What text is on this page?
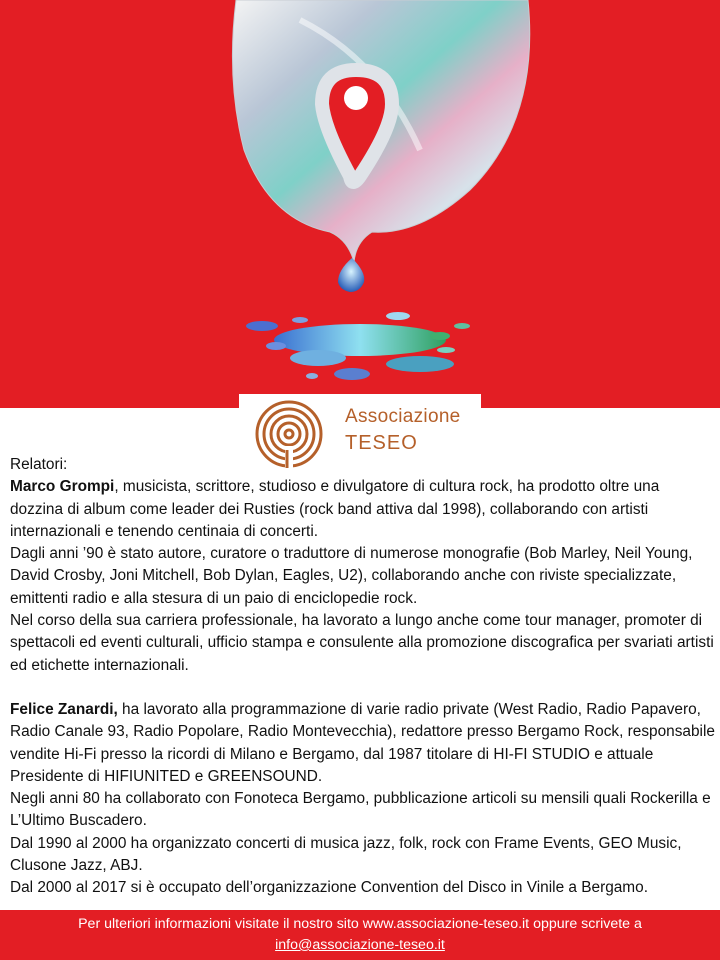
Associazione
TESEO

Relatori:

Marco Grompi, musicista, scrittore, studioso e divulgatore di cultura rock, ha prodotto oltre una dozzina di album come leader dei Rusties (rock band attiva dal 1998), collaborando con artisti internazionali e tenendo centinaia di concerti.

Dagli anni ’90 è stato autore, curatore o traduttore di numerose monografie (Bob Marley, Neil Young, David Crosby, Joni Mitchell, Bob Dylan, Eagles, U2), collaborando anche con riviste specializzate, emittenti radio e alla stesura di un paio di enciclopedie rock.

Nel corso della sua carriera professionale, ha lavorato a lungo anche come tour manager, promoter di spettacoli ed eventi culturali, ufficio stampa e consulente alla promozione discografica per svariati artisti ed etichette internazionali.

Felice Zanardi, ha lavorato alla programmazione di varie radio private (West Radio, Radio Papavero, Radio Canale 93, Radio Popolare, Radio Montevecchia), redattore presso Bergamo Rock, responsabile vendite Hi-Fi presso la ricordi di Milano e Bergamo, dal 1987 titolare di HI-FI STUDIO e attuale Presidente di HIFIUNITED e GREENSOUND.

Negli anni 80 ha collaborato con Fonoteca Bergamo, pubblicazione articoli su mensili quali Rockerilla e L’Ultimo Buscadero.

Dal 1990 al 2000 ha organizzato concerti di musica jazz, folk, rock con Frame Events, GEO Music, Clusone Jazz, ABJ.

Dal 2000 al 2017 si è occupato dell’organizzazione Convention del Disco in Vinile a Bergamo.

Per ulteriori informazioni visitate il nostro sito www.associazione-teseo.it oppure scrivete a
info@associazione-teseo.it
